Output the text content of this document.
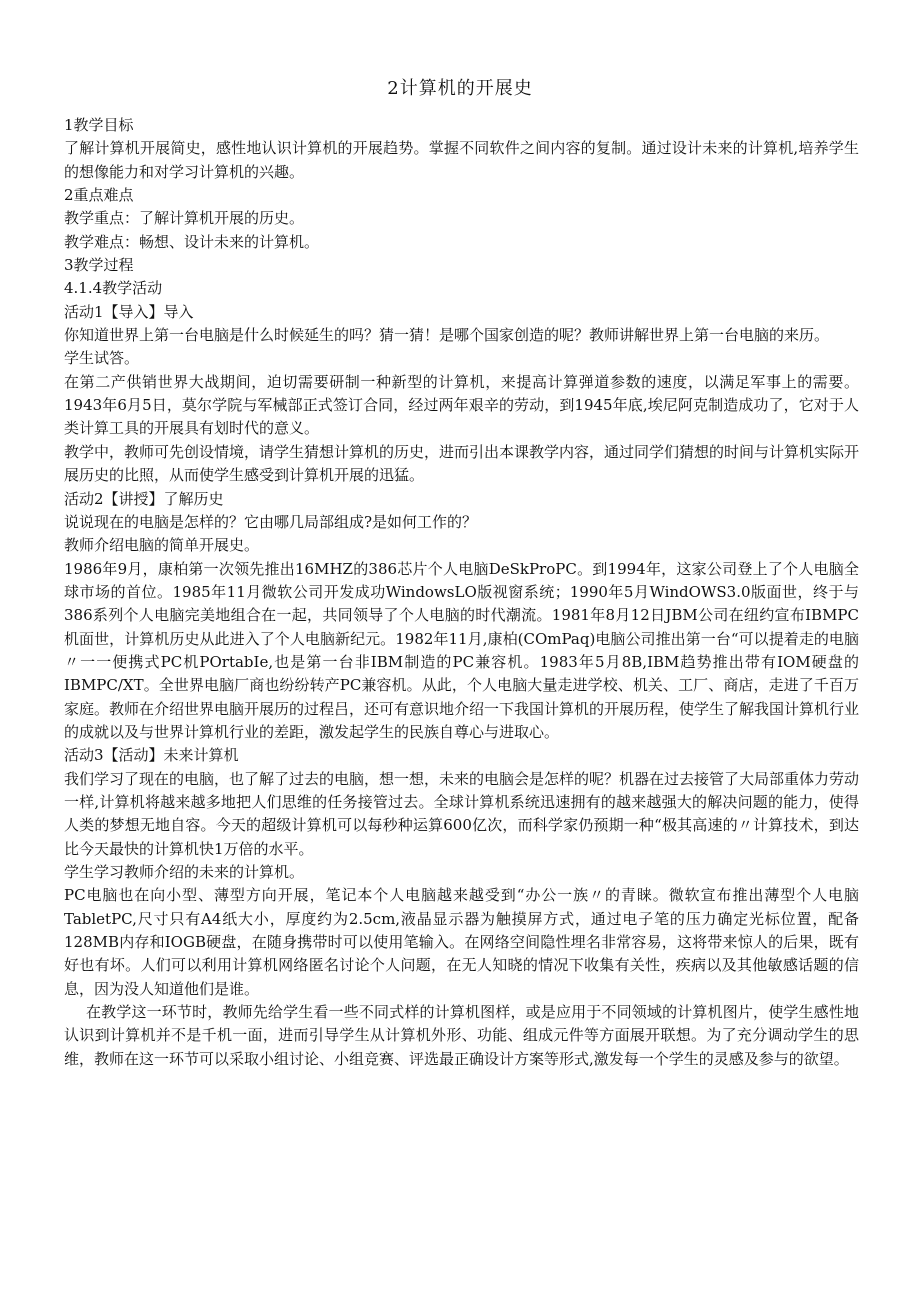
2计算机的开展史

1教学目标

了解计算机开展简史，感性地认识计算机的开展趋势。掌握不同软件之间内容的复制。通过设计未来的计算机,培养学生的想像能力和对学习计算机的兴趣。

2重点难点

教学重点：了解计算机开展的历史。

教学难点：畅想、设计未来的计算机。

3教学过程

4.1.4教学活动

活动1【导入】导入

你知道世界上第一台电脑是什么时候延生的吗？猜一猜！是哪个国家创造的呢？教师讲解世界上第一台电脑的来历。

学生试答。

在第二产供销世界大战期间，迫切需要研制一种新型的计算机，来提高计算弹道参数的速度，以满足军事上的需要。1943年6月5日，莫尔学院与军械部正式签订合同，经过两年艰辛的劳动，到1945年底,埃尼阿克制造成功了，它对于人类计算工具的开展具有划时代的意义。

教学中，教师可先创设情境，请学生猜想计算机的历史，进而引出本课教学内容，通过同学们猜想的时间与计算机实际开展历史的比照，从而使学生感受到计算机开展的迅猛。

活动2【讲授】了解历史

说说现在的电脑是怎样的？它由哪几局部组成?是如何工作的？

教师介绍电脑的简单开展史。

1986年9月，康柏第一次领先推出16MHZ的386芯片个人电脑DeSkProPC。到1994年，这家公司登上了个人电脑全球市场的首位。1985年11月微软公司开发成功WindowsLO版视窗系统；1990年5月WindOWS3.0版面世，终于与386系列个人电脑完美地组合在一起，共同领导了个人电脑的时代潮流。1981年8月12日JBM公司在纽约宣布IBMPC机面世，计算机历史从此进入了个人电脑新纪元。1982年11月,康柏(COmPaq)电脑公司推出第一台“可以提着走的电脑〃一一便携式PC机POrtabIe,也是第一台非IBM制造的PC兼容机。1983年5月8B,IBM趋势推出带有IOM硬盘的IBMPC/XT。全世界电脑厂商也纷纷转产PC兼容机。从此，个人电脑大量走进学校、机关、工厂、商店，走进了千百万家庭。教师在介绍世界电脑开展历的过程吕，还可有意识地介绍一下我国计算机的开展历程，使学生了解我国计算机行业的成就以及与世界计算机行业的差距，激发起学生的民族自尊心与进取心。

活动3【活动】未来计算机

我们学习了现在的电脑，也了解了过去的电脑，想一想，未来的电脑会是怎样的呢？机器在过去接管了大局部重体力劳动一样,计算机将越来越多地把人们思维的任务接管过去。全球计算机系统迅速拥有的越来越强大的解决问题的能力，使得人类的梦想无地自容。今天的超级计算机可以每秒种运算600亿次，而科学家仍预期一种“极其高速的〃计算技术，到达比今天最快的计算机快1万倍的水平。

学生学习教师介绍的未来的计算机。

PC电脑也在向小型、薄型方向开展，笔记本个人电脑越来越受到“办公一族〃的青睐。微软宣布推出薄型个人电脑TabletPC,尺寸只有A4纸大小，厚度约为2.5cm,液晶显示器为触摸屏方式，通过电子笔的压力确定光标位置，配备128MB内存和IOGB硬盘，在随身携带时可以使用笔输入。在网络空间隐性埋名非常容易，这将带来惊人的后果，既有好也有坏。人们可以利用计算机网络匿名讨论个人问题，在无人知晓的情况下收集有关性，疾病以及其他敏感话题的信息，因为没人知道他们是谁。

在教学这一环节时，教师先给学生看一些不同式样的计算机图样，或是应用于不同领域的计算机图片，使学生感性地认识到计算机并不是千机一面，进而引导学生从计算机外形、功能、组成元件等方面展开联想。为了充分调动学生的思维，教师在这一环节可以采取小组讨论、小组竞赛、评选最正确设计方案等形式,激发每一个学生的灵感及参与的欲望。
